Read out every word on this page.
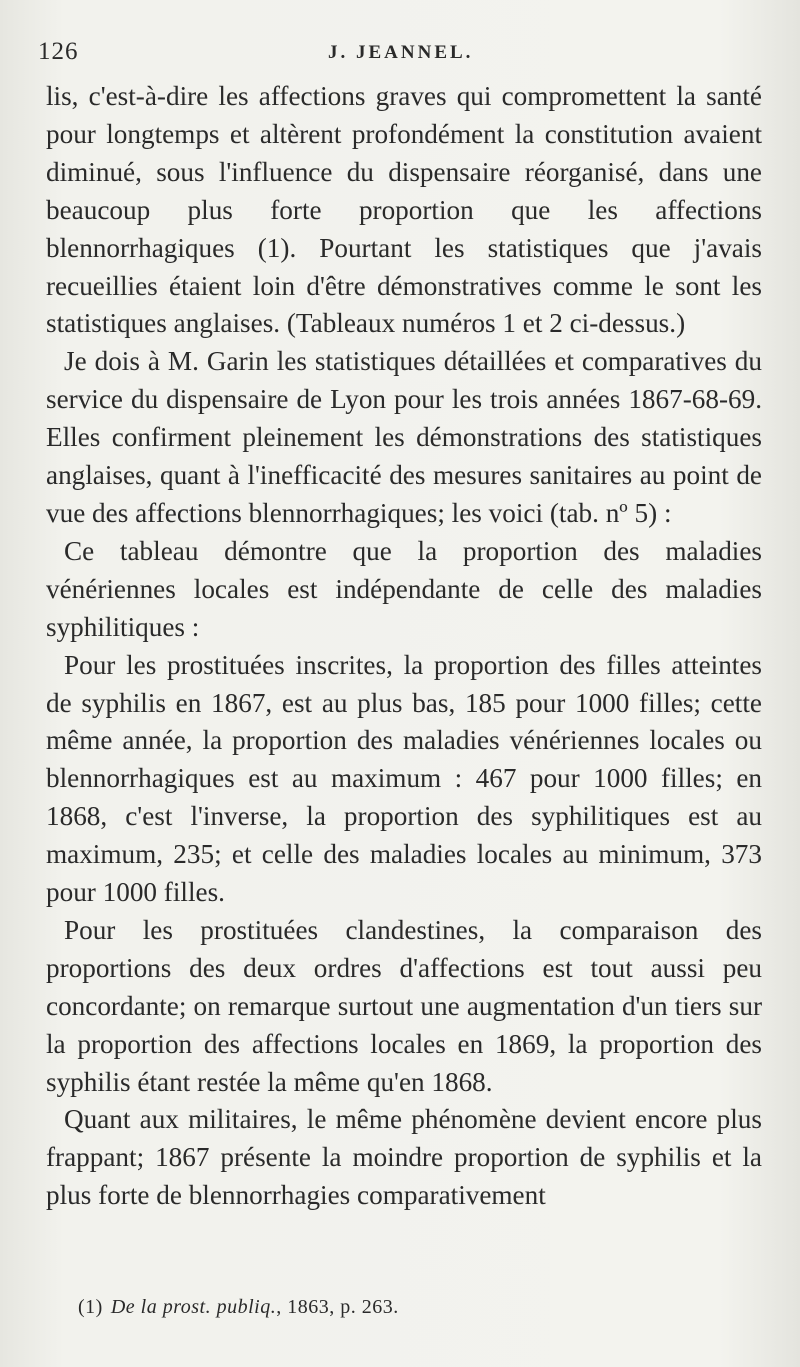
126	J. JEANNEL.

lis, c'est-à-dire les affections graves qui compromettent la santé pour longtemps et altèrent profondément la constitution avaient diminué, sous l'influence du dispensaire réorganisé, dans une beaucoup plus forte proportion que les affections blennorrhagiques (1). Pourtant les statistiques que j'avais recueillies étaient loin d'être démonstratives comme le sont les statistiques anglaises. (Tableaux numéros 1 et 2 ci-dessus.)

Je dois à M. Garin les statistiques détaillées et comparatives du service du dispensaire de Lyon pour les trois années 1867-68-69. Elles confirment pleinement les démonstrations des statistiques anglaises, quant à l'inefficacité des mesures sanitaires au point de vue des affections blennorrhagiques; les voici (tab. nº 5) :

Ce tableau démontre que la proportion des maladies vénériennes locales est indépendante de celle des maladies syphilitiques :

Pour les prostituées inscrites, la proportion des filles atteintes de syphilis en 1867, est au plus bas, 185 pour 1000 filles; cette même année, la proportion des maladies vénériennes locales ou blennorrhagiques est au maximum : 467 pour 1000 filles; en 1868, c'est l'inverse, la proportion des syphilitiques est au maximum, 235; et celle des maladies locales au minimum, 373 pour 1000 filles.

Pour les prostituées clandestines, la comparaison des proportions des deux ordres d'affections est tout aussi peu concordante; on remarque surtout une augmentation d'un tiers sur la proportion des affections locales en 1869, la proportion des syphilis étant restée la même qu'en 1868.

Quant aux militaires, le même phénomène devient encore plus frappant; 1867 présente la moindre proportion de syphilis et la plus forte de blennorrhagies comparativement

(1) De la prost. publiq., 1863, p. 263.
